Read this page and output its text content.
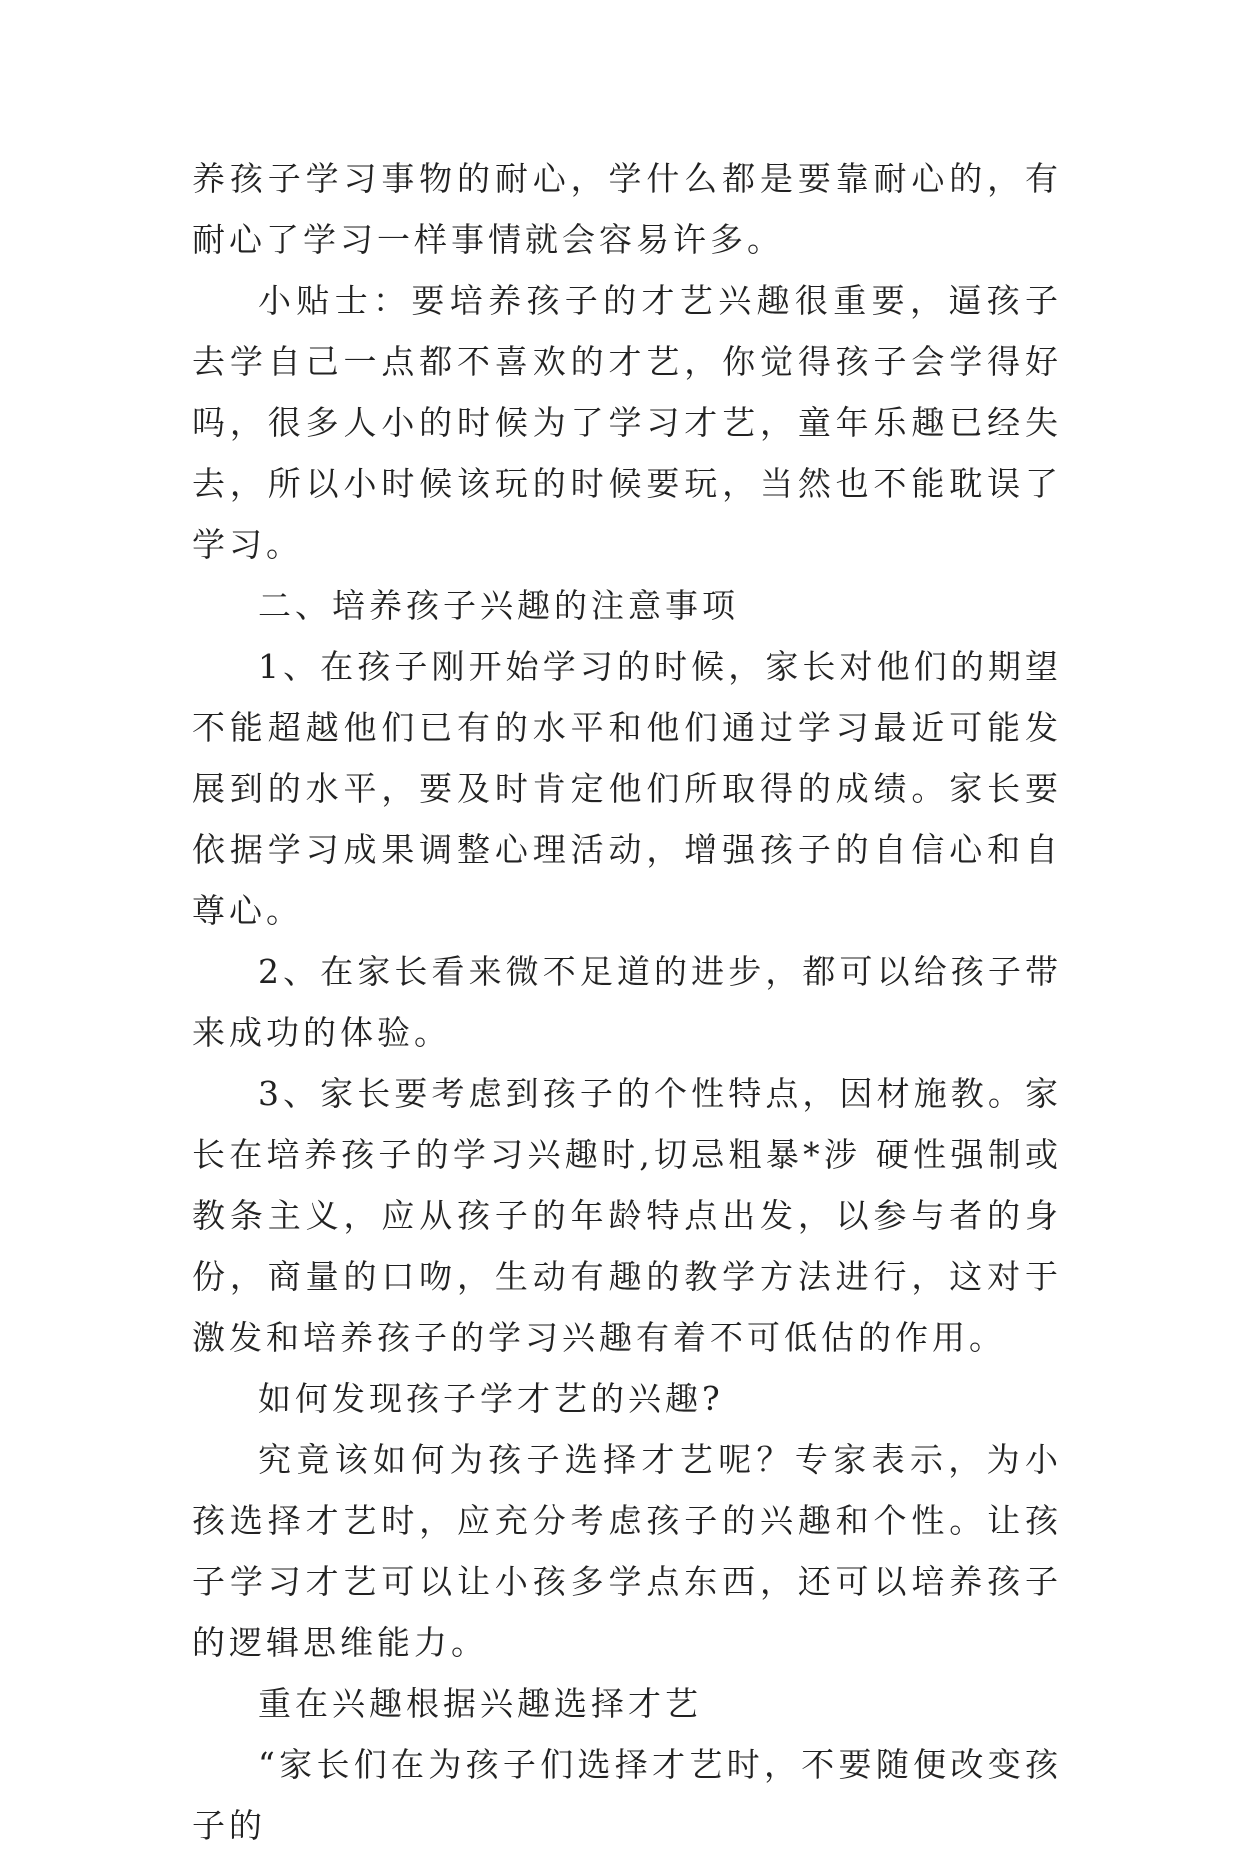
养孩子学习事物的耐心，学什么都是要靠耐心的，有耐心了学习一样事情就会容易许多。

小贴士：要培养孩子的才艺兴趣很重要，逼孩子去学自己一点都不喜欢的才艺，你觉得孩子会学得好吗，很多人小的时候为了学习才艺，童年乐趣已经失去，所以小时候该玩的时候要玩，当然也不能耽误了学习。

二、培养孩子兴趣的注意事项

1、在孩子刚开始学习的时候，家长对他们的期望不能超越他们已有的水平和他们通过学习最近可能发展到的水平，要及时肯定他们所取得的成绩。家长要依据学习成果调整心理活动，增强孩子的自信心和自尊心。

2、在家长看来微不足道的进步，都可以给孩子带来成功的体验。

3、家长要考虑到孩子的个性特点，因材施教。家长在培养孩子的学习兴趣时,切忌粗暴*涉 硬性强制或教条主义，应从孩子的年龄特点出发，以参与者的身份，商量的口吻，生动有趣的教学方法进行，这对于激发和培养孩子的学习兴趣有着不可低估的作用。

如何发现孩子学才艺的兴趣?

究竟该如何为孩子选择才艺呢？专家表示，为小孩选择才艺时，应充分考虑孩子的兴趣和个性。让孩子学习才艺可以让小孩多学点东西，还可以培养孩子的逻辑思维能力。

重在兴趣根据兴趣选择才艺

“家长们在为孩子们选择才艺时，不要随便改变孩子的
